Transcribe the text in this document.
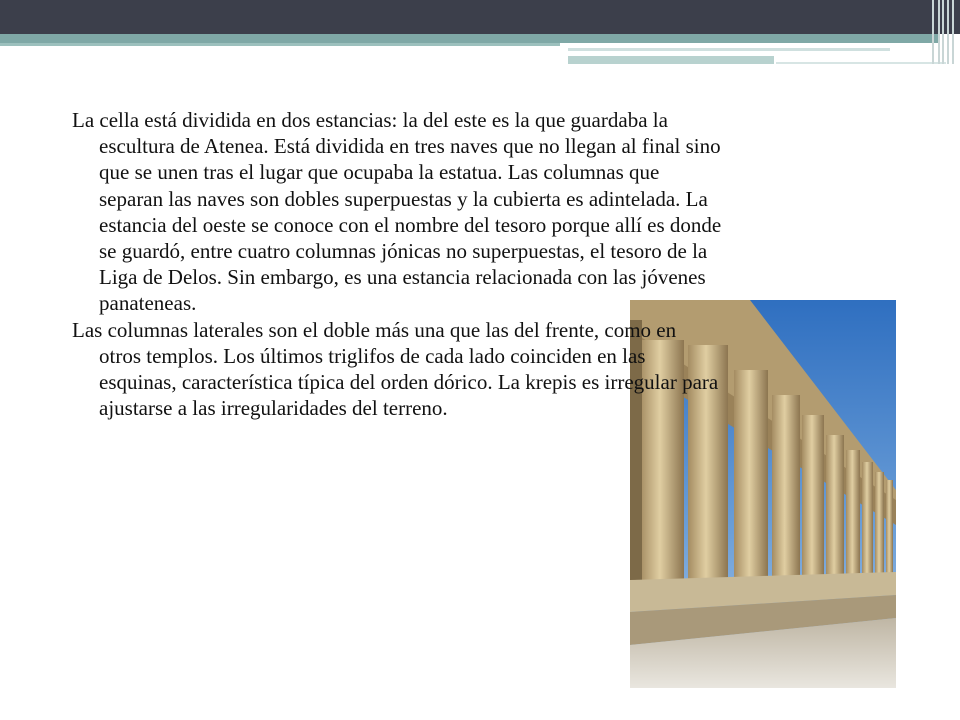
La cella está dividida en dos estancias: la del este es la que guardaba la escultura de Atenea. Está dividida en tres naves que no llegan al final sino que se unen tras el lugar que ocupaba la estatua. Las columnas que separan las naves son dobles superpuestas y la cubierta es adintelada. La estancia del oeste se conoce con el nombre del tesoro porque allí es donde se guardó, entre cuatro columnas jónicas no superpuestas, el tesoro de la Liga de Delos. Sin embargo, es una estancia relacionada con las jóvenes panateneas.

Las columnas laterales son el doble más una que las del frente, como en otros templos. Los últimos triglifos de cada lado coinciden en las esquinas, característica típica del orden dórico. La krepis es irregular para ajustarse a las irregularidades del terreno.
